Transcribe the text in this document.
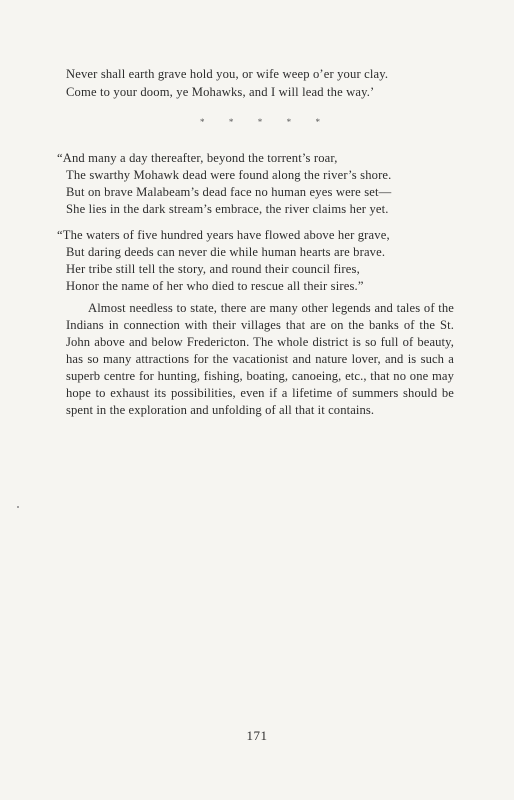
Never shall earth grave hold you, or wife weep o’er your clay.
Come to your doom, ye Mohawks, and I will lead the way.’
*	*	*	*	*
“And many a day thereafter, beyond the torrent’s roar,
The swarthy Mohawk dead were found along the river’s shore.
But on brave Malabeam’s dead face no human eyes were set—
She lies in the dark stream’s embrace, the river claims her yet.
“The waters of five hundred years have flowed above her grave,
But daring deeds can never die while human hearts are brave.
Her tribe still tell the story, and round their council fires,
Honor the name of her who died to rescue all their sires.”

Almost needless to state, there are many other legends and tales of the Indians in connection with their villages that are on the banks of the St. John above and below Fredericton. The whole district is so full of beauty, has so many attractions for the vacationist and nature lover, and is such a superb centre for hunting, fishing, boating, canoeing, etc., that no one may hope to exhaust its possibilities, even if a lifetime of summers should be spent in the exploration and unfolding of all that it contains.

171
